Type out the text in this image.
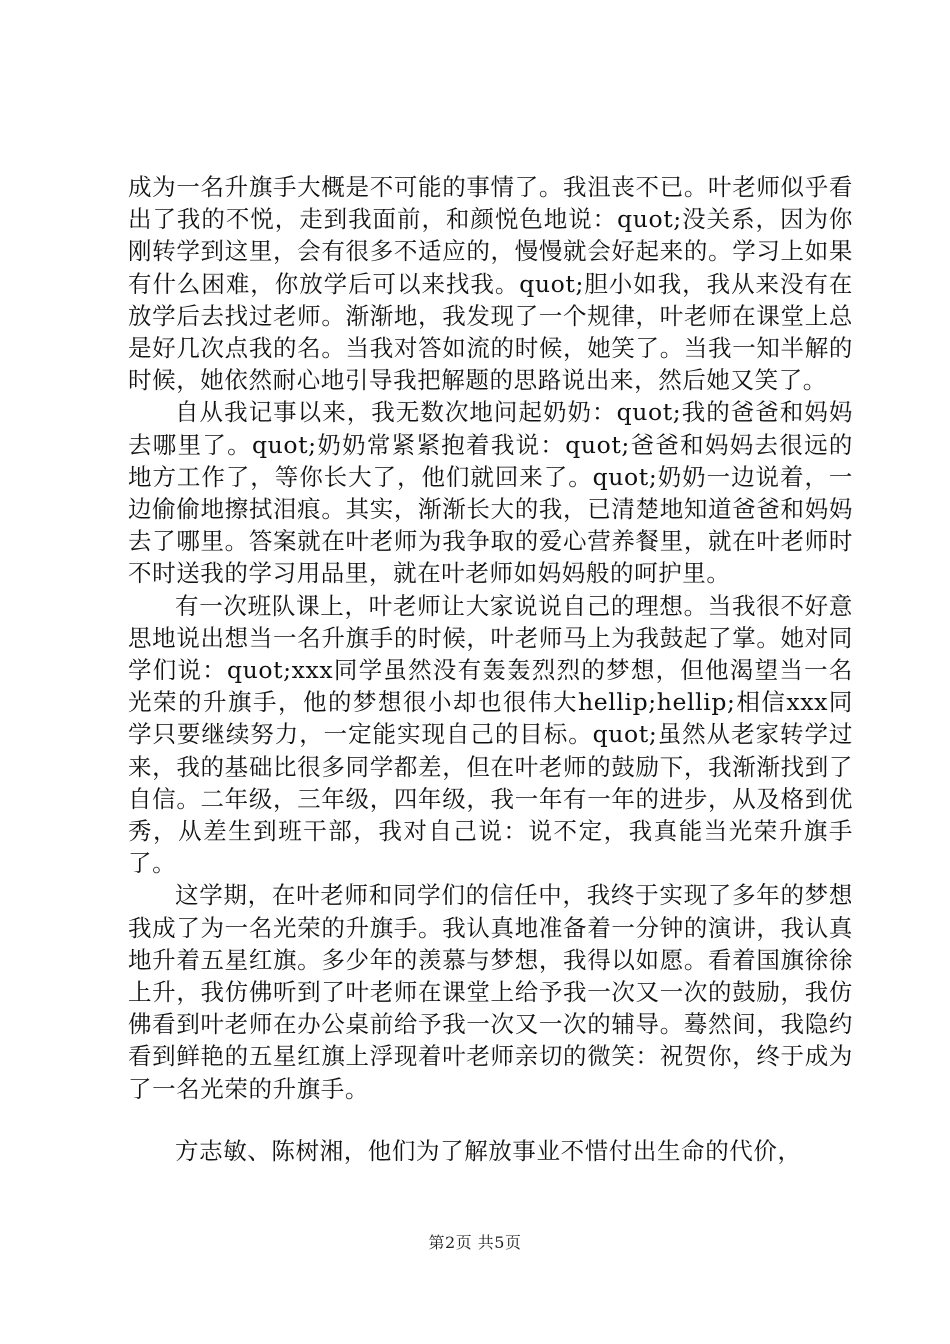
成为一名升旗手大概是不可能的事情了。我沮丧不已。叶老师似乎看出了我的不悦，走到我面前，和颜悦色地说：quot;没关系，因为你刚转学到这里，会有很多不适应的，慢慢就会好起来的。学习上如果有什么困难，你放学后可以来找我。quot;胆小如我，我从来没有在放学后去找过老师。渐渐地，我发现了一个规律，叶老师在课堂上总是好几次点我的名。当我对答如流的时候，她笑了。当我一知半解的时候，她依然耐心地引导我把解题的思路说出来，然后她又笑了。

自从我记事以来，我无数次地问起奶奶：quot;我的爸爸和妈妈去哪里了。quot;奶奶常紧紧抱着我说：quot;爸爸和妈妈去很远的地方工作了，等你长大了，他们就回来了。quot;奶奶一边说着，一边偷偷地擦拭泪痕。其实，渐渐长大的我，已清楚地知道爸爸和妈妈去了哪里。答案就在叶老师为我争取的爱心营养餐里，就在叶老师时不时送我的学习用品里，就在叶老师如妈妈般的呵护里。

有一次班队课上，叶老师让大家说说自己的理想。当我很不好意思地说出想当一名升旗手的时候，叶老师马上为我鼓起了掌。她对同学们说：quot;xxx同学虽然没有轰轰烈烈的梦想，但他渴望当一名光荣的升旗手，他的梦想很小却也很伟大hellip;hellip;相信xxx同学只要继续努力，一定能实现自己的目标。quot;虽然从老家转学过来，我的基础比很多同学都差，但在叶老师的鼓励下，我渐渐找到了自信。二年级，三年级，四年级，我一年有一年的进步，从及格到优秀，从差生到班干部，我对自己说：说不定，我真能当光荣升旗手了。

这学期，在叶老师和同学们的信任中，我终于实现了多年的梦想我成了为一名光荣的升旗手。我认真地准备着一分钟的演讲，我认真地升着五星红旗。多少年的羡慕与梦想，我得以如愿。看着国旗徐徐上升，我仿佛听到了叶老师在课堂上给予我一次又一次的鼓励，我仿佛看到叶老师在办公桌前给予我一次又一次的辅导。蓦然间，我隐约看到鲜艳的五星红旗上浮现着叶老师亲切的微笑：祝贺你，终于成为了一名光荣的升旗手。

方志敏、陈树湘，他们为了解放事业不惜付出生命的代价，

第2页 共5页
